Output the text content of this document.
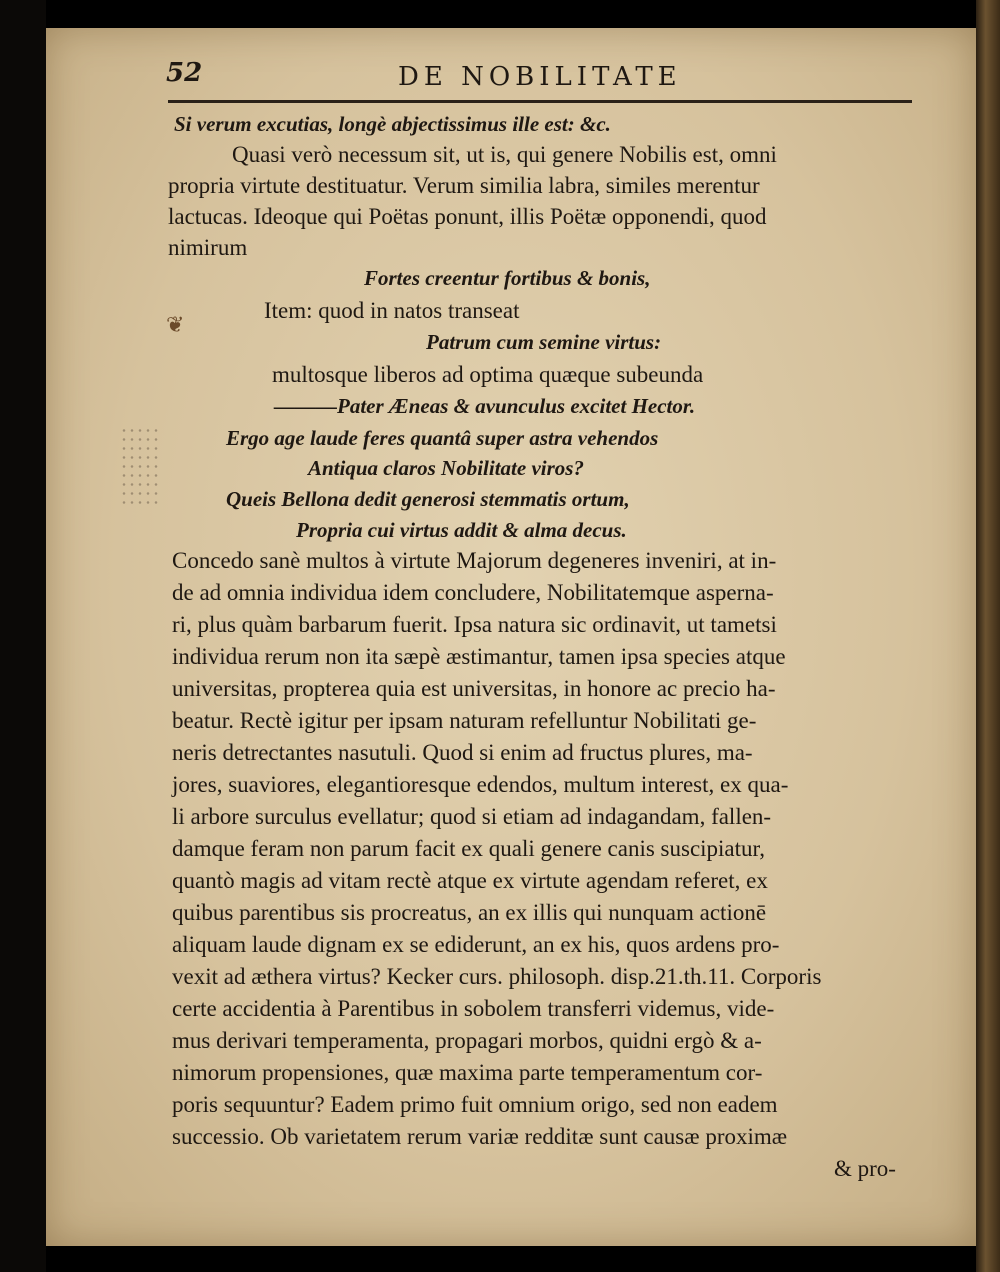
52	DE NOBILITATE
❦
Si verum excutias, longè abjectissimus ille est: &c.
Quasi verò necessum sit, ut is, qui genere Nobilis est, omni
propria virtute destituatur. Verum similia labra, similes merentur
lactucas. Ideoque qui Poëtas ponunt, illis Poëtæ opponendi, quod
nimirum
Fortes creentur fortibus & bonis,
Item: quod in natos transeat
Patrum cum semine virtus:
multosque liberos ad optima quæque subeunda
———Pater Æneas & avunculus excitet Hector.
Ergo age laude feres quantâ super astra vehendos
Antiqua claros Nobilitate viros?
Queis Bellona dedit generosi stemmatis ortum,
Propria cui virtus addit & alma decus.
Concedo sanè multos à virtute Majorum degeneres inveniri, at in-
de ad omnia individua idem concludere, Nobilitatemque asperna-
ri, plus quàm barbarum fuerit. Ipsa natura sic ordinavit, ut tametsi
individua rerum non ita sæpè æstimantur, tamen ipsa species atque
universitas, propterea quia est universitas, in honore ac precio ha-
beatur. Rectè igitur per ipsam naturam refelluntur Nobilitati ge-
neris detrectantes nasutuli. Quod si enim ad fructus plures, ma-
jores, suaviores, elegantioresque edendos, multum interest, ex qua-
li arbore surculus evellatur; quod si etiam ad indagandam, fallen-
damque feram non parum facit ex quali genere canis suscipiatur,
quantò magis ad vitam rectè atque ex virtute agendam referet, ex
quibus parentibus sis procreatus, an ex illis qui nunquam actionē
aliquam laude dignam ex se ediderunt, an ex his, quos ardens pro-
vexit ad æthera virtus? Kecker curs. philosoph. disp.21.th.11. Corporis
certe accidentia à Parentibus in sobolem transferri videmus, vide-
mus derivari temperamenta, propagari morbos, quidni ergò & a-
nimorum propensiones, quæ maxima parte temperamentum cor-
poris sequuntur? Eadem primo fuit omnium origo, sed non eadem
successio. Ob varietatem rerum variæ redditæ sunt causæ proximæ
& pro-
